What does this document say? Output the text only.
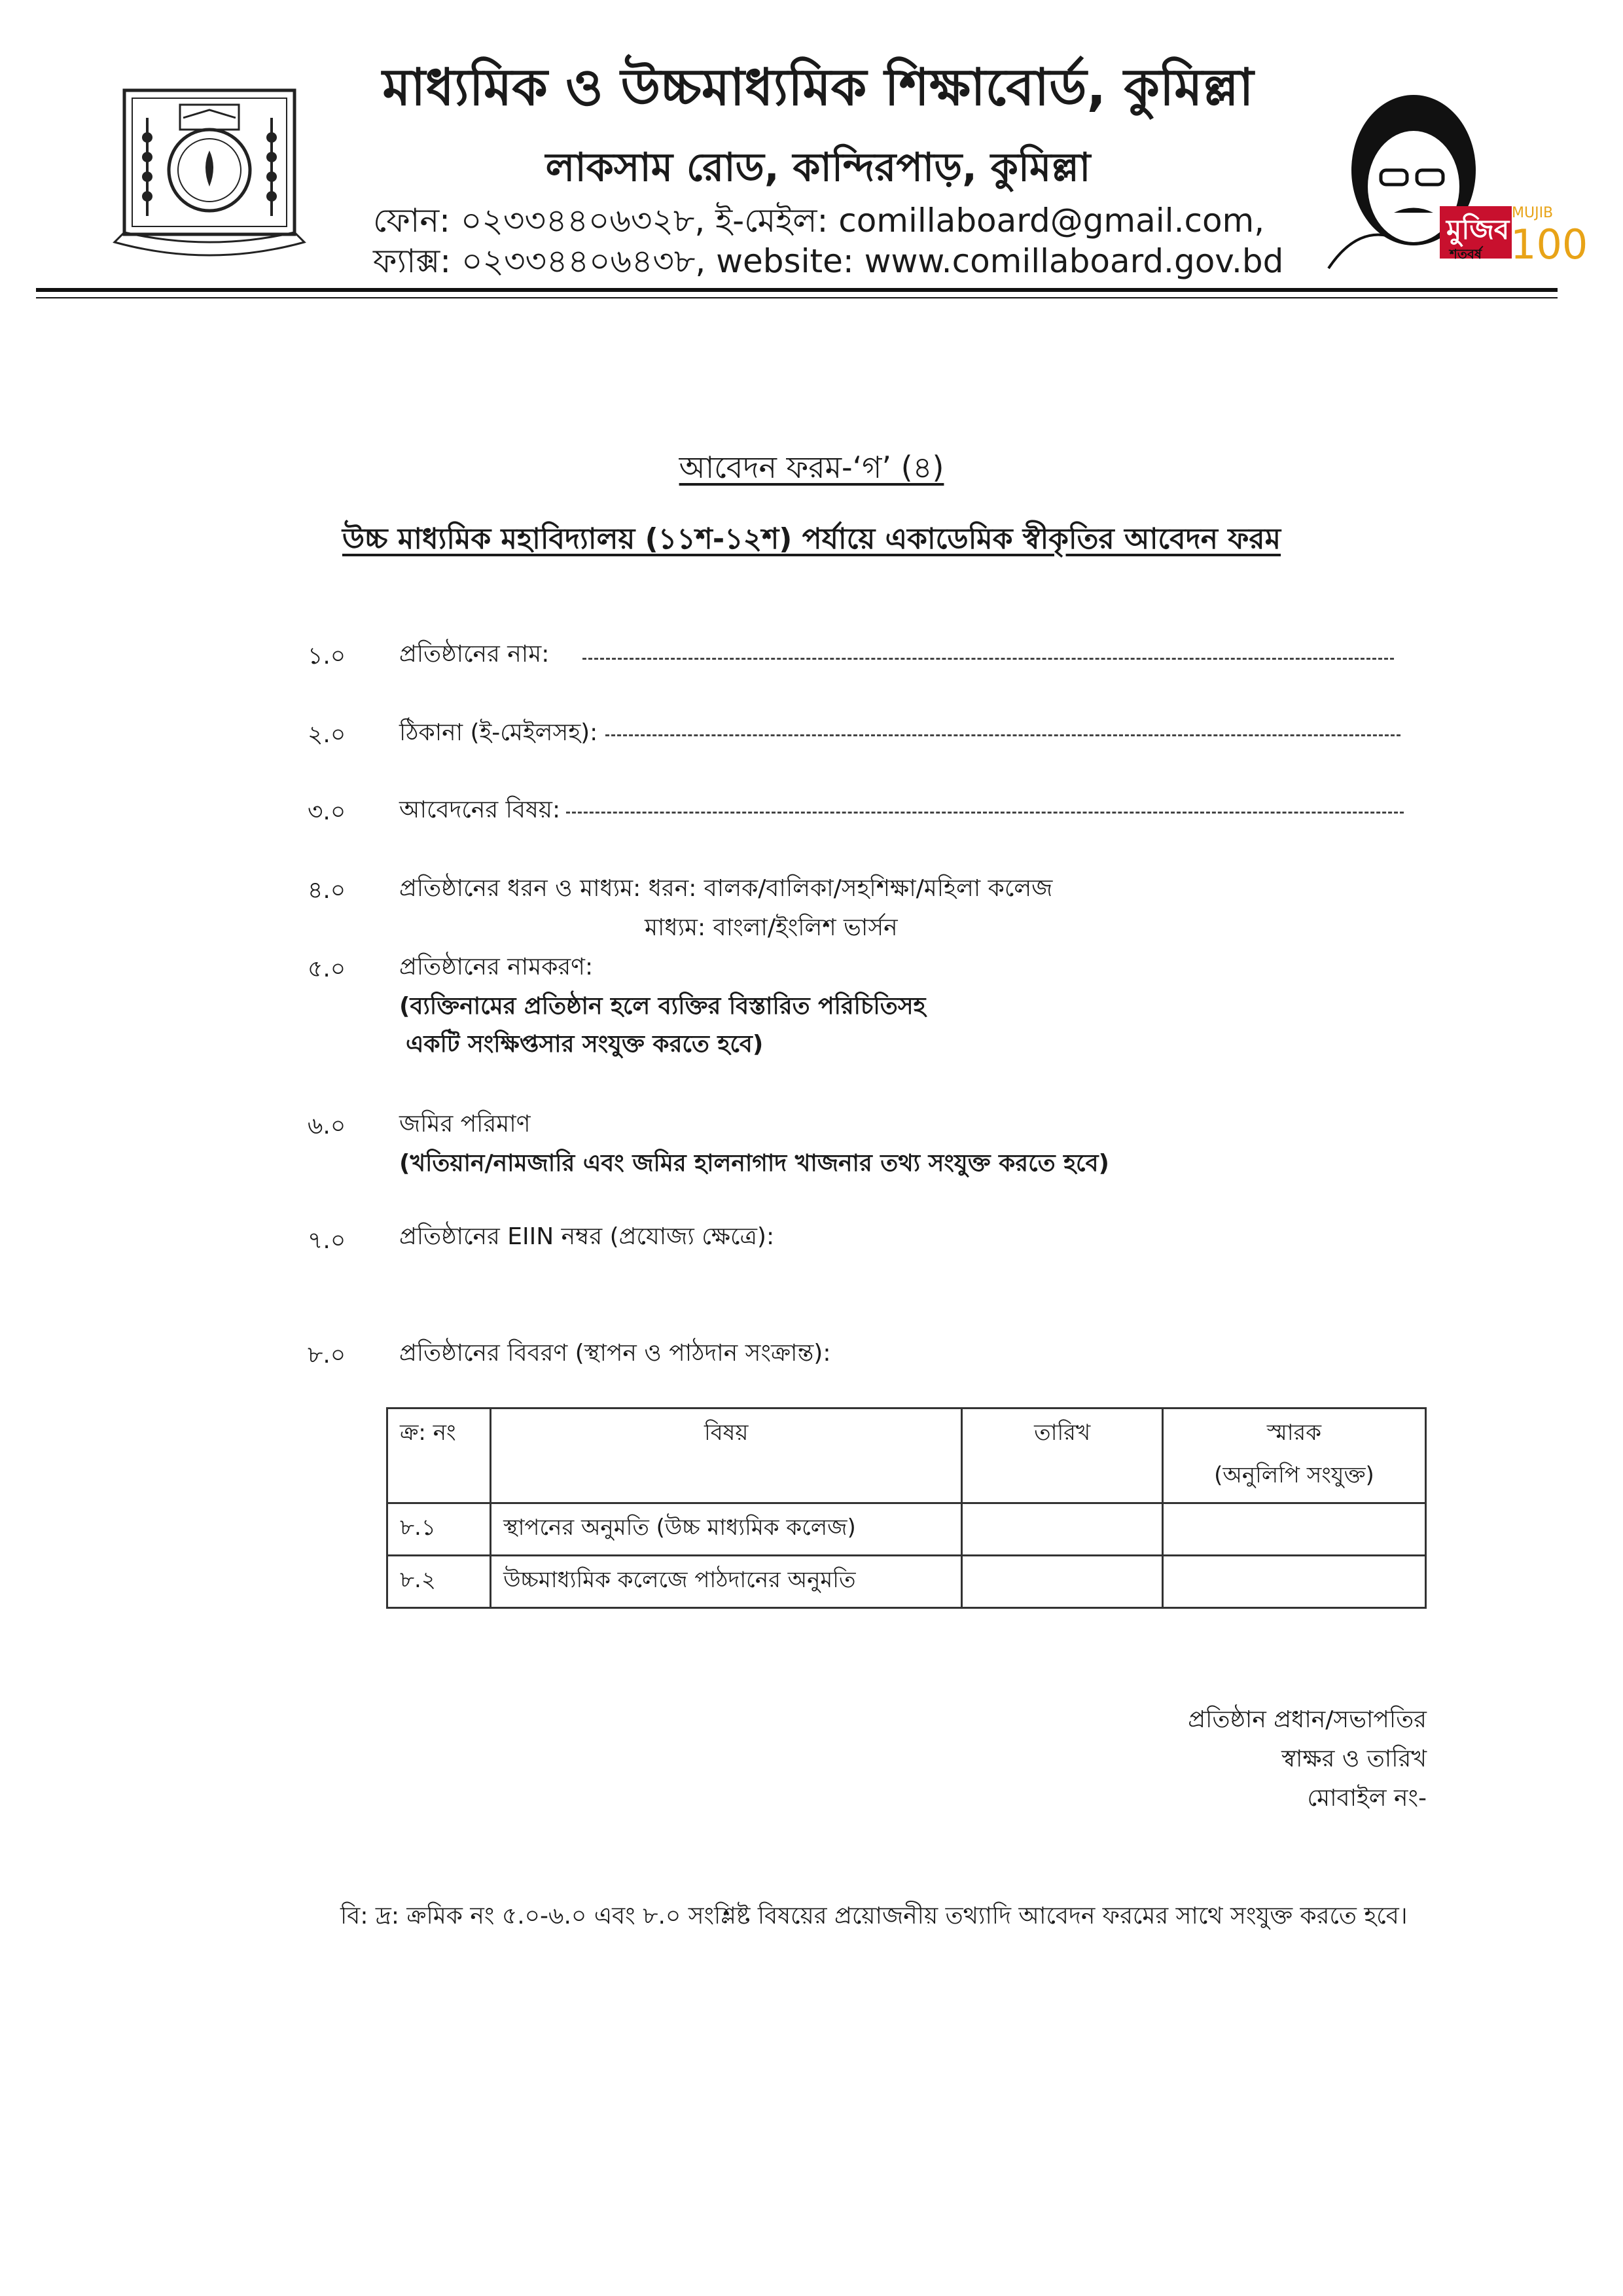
মাধ্যমিক ও উচ্চমাধ্যমিক শিক্ষাবোর্ড, কুমিল্লা
লাকসাম রোড, কান্দিরপাড়, কুমিল্লা
ফোন: ০২৩৩৪৪০৬৩২৮, ই-মেইল: comillaboard@gmail.com,
ফ্যাক্স: ০২৩৩৪৪০৬৪৩৮, website: www.comillaboard.gov.bd
মুজিব
শতবর্ষ
MUJIB
100
আবেদন ফরম-‘গ’ (৪)
উচ্চ মাধ্যমিক মহাবিদ্যালয় (১১শ-১২শ) পর্যায়ে একাডেমিক স্বীকৃতির আবেদন ফরম
১.০ প্রতিষ্ঠানের নাম:
২.০ ঠিকানা (ই-মেইলসহ):
৩.০ আবেদনের বিষয়:
৪.০ প্রতিষ্ঠানের ধরন ও মাধ্যম: ধরন: বালক/বালিকা/সহশিক্ষা/মহিলা কলেজ
মাধ্যম: বাংলা/ইংলিশ ভার্সন
৫.০ প্রতিষ্ঠানের নামকরণ:
(ব্যক্তিনামের প্রতিষ্ঠান হলে ব্যক্তির বিস্তারিত পরিচিতিসহ
একটি সংক্ষিপ্তসার সংযুক্ত করতে হবে)
৬.০ জমির পরিমাণ
(খতিয়ান/নামজারি এবং জমির হালনাগাদ খাজনার তথ্য সংযুক্ত করতে হবে)
৭.০ প্রতিষ্ঠানের EIIN নম্বর (প্রযোজ্য ক্ষেত্রে):
৮.০ প্রতিষ্ঠানের বিবরণ (স্থাপন ও পাঠদান সংক্রান্ত):
ক্র: নং	বিষয়	তারিখ	স্মারক
(অনুলিপি সংযুক্ত)

৮.১	স্থাপনের অনুমতি (উচ্চ মাধ্যমিক কলেজ)		
৮.২	উচ্চমাধ্যমিক কলেজে পাঠদানের অনুমতি		
প্রতিষ্ঠান প্রধান/সভাপতির
স্বাক্ষর ও তারিখ
মোবাইল নং-
বি: দ্র: ক্রমিক নং ৫.০-৬.০ এবং ৮.০ সংশ্লিষ্ট বিষয়ের প্রয়োজনীয় তথ্যাদি আবেদন ফরমের সাথে সংযুক্ত করতে হবে।
